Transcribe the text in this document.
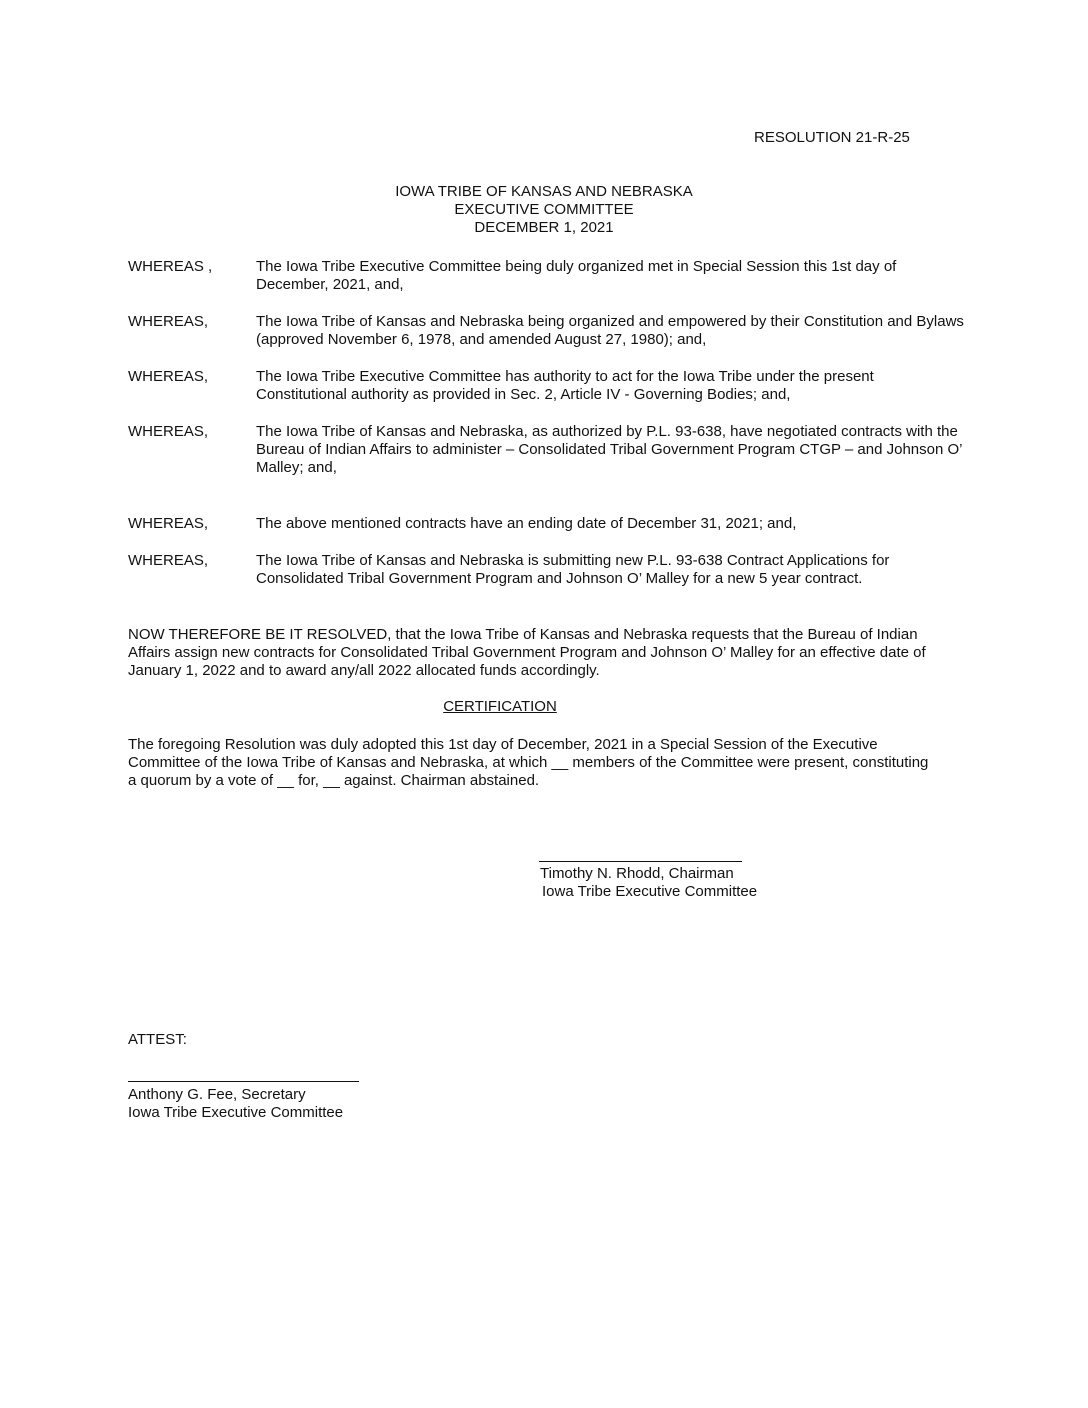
RESOLUTION 21-R-25
IOWA TRIBE OF KANSAS AND NEBRASKA
EXECUTIVE COMMITTEE
DECEMBER 1, 2021
WHEREAS ,	The Iowa Tribe Executive Committee being duly organized met in Special Session this 1st day of December, 2021, and,
WHEREAS,	The Iowa Tribe of Kansas and Nebraska being organized and empowered by their Constitution and Bylaws (approved November 6, 1978, and amended August 27, 1980); and,
WHEREAS,	The Iowa Tribe Executive Committee has authority to act for the Iowa Tribe under the present Constitutional authority as provided in Sec. 2, Article IV - Governing Bodies; and,
WHEREAS,	The Iowa Tribe of Kansas and Nebraska, as authorized by P.L. 93-638, have negotiated contracts with the Bureau of Indian Affairs to administer – Consolidated Tribal Government Program CTGP – and Johnson O’ Malley; and,
WHEREAS,	The above mentioned contracts have an ending date of December 31, 2021; and,
WHEREAS,	The Iowa Tribe of Kansas and Nebraska is submitting new P.L. 93-638 Contract Applications for Consolidated Tribal Government Program and Johnson O’ Malley for a new 5 year contract.
NOW THEREFORE BE IT RESOLVED, that the Iowa Tribe of Kansas and Nebraska requests that the Bureau of Indian Affairs assign new contracts for Consolidated Tribal Government Program and Johnson O’ Malley for an effective date of January 1, 2022 and to award any/all 2022 allocated funds accordingly.
CERTIFICATION
The foregoing Resolution was duly adopted this 1st day of December, 2021 in a Special Session of the Executive Committee of the Iowa Tribe of Kansas and Nebraska, at which __ members of the Committee were present, constituting a quorum by a vote of __ for, __ against. Chairman abstained.
Timothy N. Rhodd, Chairman
Iowa Tribe Executive Committee
ATTEST:
Anthony G. Fee, Secretary
Iowa Tribe Executive Committee
